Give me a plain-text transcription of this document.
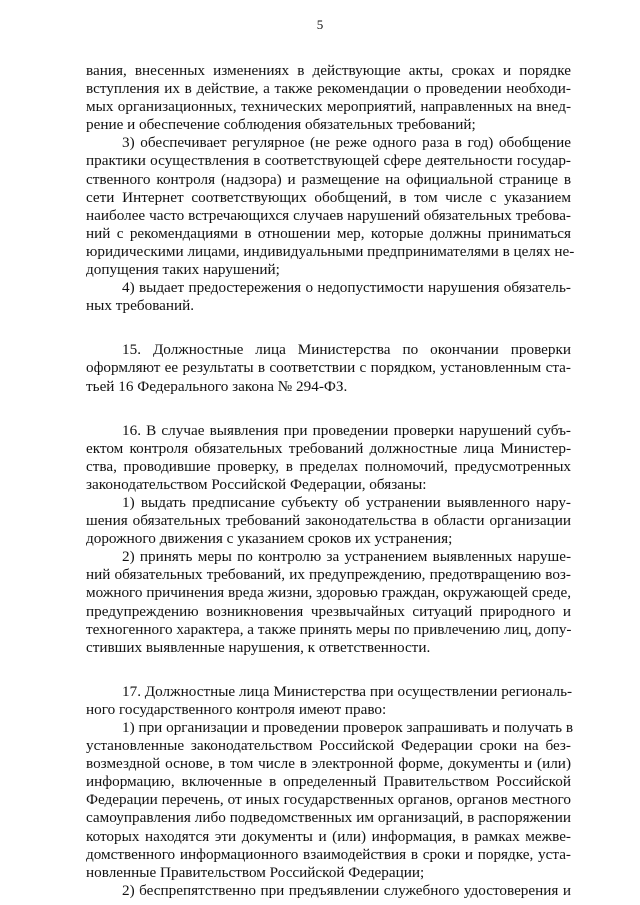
5
вания, внесенных изменениях в действующие акты, сроках и порядке
вступления их в действие, а также рекомендации о проведении необходи-
мых организационных, технических мероприятий, направленных на внед-
рение и обеспечение соблюдения обязательных требований;
3) обеспечивает регулярное (не реже одного раза в год) обобщение
практики осуществления в соответствующей сфере деятельности государ-
ственного контроля (надзора) и размещение на официальной странице в
сети Интернет соответствующих обобщений, в том числе с указанием
наиболее часто встречающихся случаев нарушений обязательных требова-
ний с рекомендациями в отношении мер, которые должны приниматься
юридическими лицами, индивидуальными предпринимателями в целях не-
допущения таких нарушений;
4) выдает предостережения о недопустимости нарушения обязатель-
ных требований.
15. Должностные лица Министерства по окончании проверки
оформляют ее результаты в соответствии с порядком, установленным ста-
тьей 16 Федерального закона № 294-ФЗ.
16. В случае выявления при проведении проверки нарушений субъ-
ектом контроля обязательных требований должностные лица Министер-
ства, проводившие проверку, в пределах полномочий, предусмотренных
законодательством Российской Федерации, обязаны:
1) выдать предписание субъекту об устранении выявленного нару-
шения обязательных требований законодательства в области организации
дорожного движения с указанием сроков их устранения;
2) принять меры по контролю за устранением выявленных наруше-
ний обязательных требований, их предупреждению, предотвращению воз-
можного причинения вреда жизни, здоровью граждан, окружающей среде,
предупреждению возникновения чрезвычайных ситуаций природного и
техногенного характера, а также принять меры по привлечению лиц, допу-
стивших выявленные нарушения, к ответственности.
17. Должностные лица Министерства при осуществлении региональ-
ного государственного контроля имеют право:
1) при организации и проведении проверок запрашивать и получать в
установленные законодательством Российской Федерации сроки на без-
возмездной основе, в том числе в электронной форме, документы и (или)
информацию, включенные в определенный Правительством Российской
Федерации перечень, от иных государственных органов, органов местного
самоуправления либо подведомственных им организаций, в распоряжении
которых находятся эти документы и (или) информация, в рамках межве-
домственного информационного взаимодействия в сроки и порядке, уста-
новленные Правительством Российской Федерации;
2) беспрепятственно при предъявлении служебного удостоверения и
